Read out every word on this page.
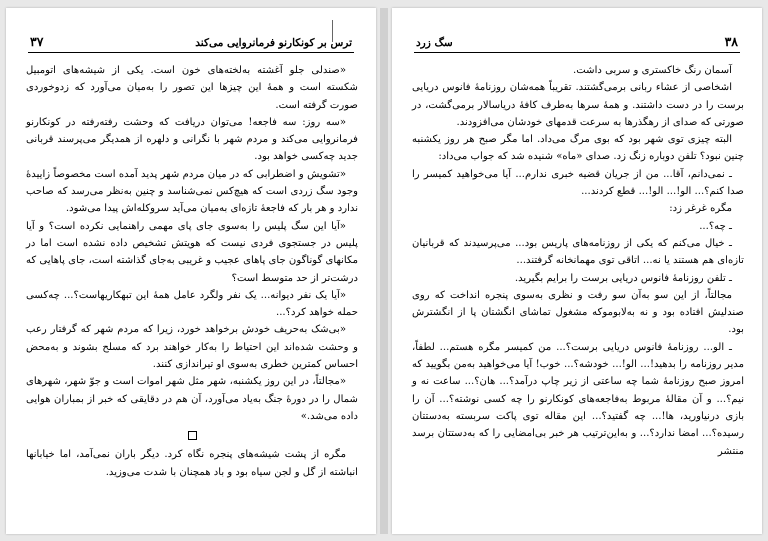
۳۷	ترس بر کونکارنو فرمانروایی می‌کند

«صندلی جلو آغشته به‌لخته‌های خون است. یکی از شیشه‌های اتومبیل شکسته است و همهٔ این چیزها این تصور را به‌میان می‌آورد که زدوخوردی صورت گرفته است.

«سه روز: سه فاجعه! می‌توان دریافت که وحشت رفته‌رفته در کونکارنو فرمانروایی می‌کند و مردم شهر با نگرانی و دلهره از همدیگر می‌پرسند قربانی جدید چه‌کسی خواهد بود.

«تشویش و اضطرابی که در میان مردم شهر پدید آمده است مخصوصاً زاییدهٔ وجود سگ زردی است که هیچ‌کس نمی‌شناسد و چنین به‌نظر می‌رسد که صاحب ندارد و هر بار که فاجعهٔ تازه‌ای به‌میان می‌آید سروکله‌اش پیدا می‌شود.

«آیا این سگ پلیس را به‌سوی جای پای مهمی راهنمایی نکرده است؟ و آیا پلیس در جستجوی فردی نیست که هویتش تشخیص داده نشده است اما در مکانهای گوناگون جای پاهای عجیب و غریبی به‌جای گذاشته است، جای پاهایی که درشت‌تر از حد متوسط است؟

«آیا یک نفر دیوانه... یک نفر ولگرد عامل همهٔ این تبهکاریهاست؟... چه‌کسی حمله خواهد کرد؟...

«بی‌شک به‌حریف خودش برخواهد خورد، زیرا که مردم شهر که گرفتار رعب و وحشت شده‌اند این احتیاط را به‌کار خواهند برد که مسلح بشوند و به‌محض احساس کمترین خطری به‌سوی او تیراندازی کنند.

«مجالتاً، در این روز یکشنبه، شهر مثل شهر اموات است و جوّ شهر، شهرهای شمال را در دورهٔ جنگ به‌یاد می‌آورد، آن هم در دقایقی که خبر از بمباران هوایی داده می‌شد.»

مگره از پشت شیشه‌های پنجره نگاه کرد. دیگر باران نمی‌آمد، اما خیابانها انباشته از گل و لجن سیاه بود و باد همچنان با شدت می‌وزید.

۳۸
سگ زرد

آسمان رنگ خاکستری و سربی داشت.

اشخاصی از عشاء ربانی برمی‌گشتند. تقریباً همه‌شان روزنامهٔ فانوس دریایی برست را در دست داشتند. و همهٔ سرها به‌طرف کافهٔ دریاسالار برمی‌گشت، در صورتی که صدای از رهگذرها به سرعت قدمهای خودشان می‌افزودند.

البته چیزی توی شهر بود که بوی مرگ می‌داد. اما مگر صبح هر روز یکشنبه چنین نبود؟ تلفن دوباره زنگ زد. صدای «ماه» شنیده شد که جواب می‌داد:

ـ نمی‌دانم، آقا... من از جریان قضیه خبری ندارم... آیا می‌خواهید کمیسر را صدا کنم؟... الو!... الو!... قطع کردند...

مگره غرغر زد:

ـ چه؟...

ـ خیال می‌کنم که یکی از روزنامه‌های پاریس بود... می‌پرسیدند که قربانیان تازه‌ای هم هستند یا نه... اتاقی توی مهمانخانه گرفتند...

ـ تلفن روزنامهٔ فانوس دریایی برست را برایم بگیرید.

مجالتاً، از این سو به‌آن سو رفت و نظری به‌سوی پنجره انداخت که روی صندلیش افتاده بود و نه به‌لابوموکه مشغول تماشای انگشتان پا از انگشترش بود.

ـ الو... روزنامهٔ فانوس دریایی برست؟... من کمیسر مگره هستم... لطفاً، مدیر روزنامه را بدهید!... الو!... خودشه؟... خوب! آیا می‌خواهید به‌من بگویید که امروز صبح روزنامهٔ شما چه ساعتی از زیر چاپ درآمد؟... هان؟... ساعت نه و نیم؟... و آن مقالهٔ مربوط به‌فاجعه‌های کونکارنو را چه کسی نوشته؟... آن را بازی درنیاورید، ها!... چه گفتید؟... این مقاله توی پاکت سربسته به‌دستتان رسیده؟... امضا ندارد؟... و به‌این‌ترتیب هر خبر بی‌امضایی را که به‌دستتان برسد منتشر
